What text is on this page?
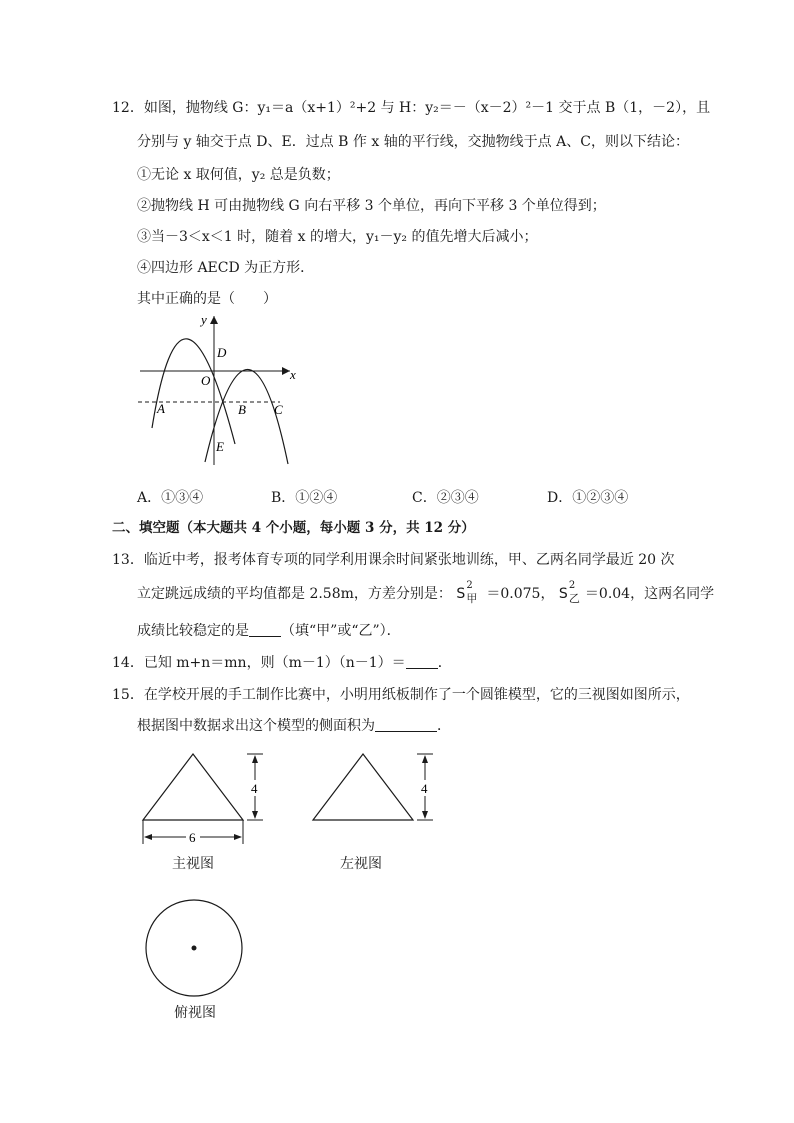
12．如图，抛物线 G：y₁＝a（x+1）²+2 与 H：y₂＝－（x－2）²－1 交于点 B（1，－2），且
分别与 y 轴交于点 D、E．过点 B 作 x 轴的平行线，交抛物线于点 A、C，则以下结论：
①无论 x 取何值，y₂ 总是负数；
②抛物线 H 可由抛物线 G 向右平移 3 个单位，再向下平移 3 个单位得到；
③当－3＜x＜1 时，随着 x 的增大，y₁－y₂ 的值先增大后减小；
④四边形 AECD 为正方形．
其中正确的是（　　）
y
x
O
D
A	B C
E
A．①③④	B．①②④	C．②③④	D．①②③④
二、填空题（本大题共 4 个小题，每小题 3 分，共 12 分）
13．临近中考，报考体育专项的同学利用课余时间紧张地训练，甲、乙两名同学最近 20 次
立定跳远成绩的平均值都是 2.58m，方差分别是： S
2
甲 ＝0.075， S
2
乙 ＝0.04，这两名同学
成绩比较稳定的是 （填“甲”或“乙”）．
14．已知 m+n＝mn，则（m－1）（n－1）＝ ．
15．在学校开展的手工制作比赛中，小明用纸板制作了一个圆锥模型，它的三视图如图所示，
根据图中数据求出这个模型的侧面积为	．
4
6
主视图
4
左视图
俯视图
